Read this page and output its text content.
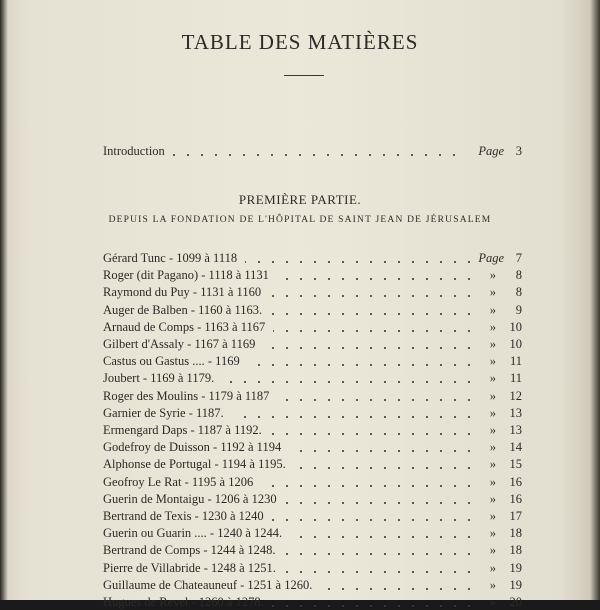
TABLE DES MATIÈRES
Introduction	Page 3
PREMIÈRE PARTIE.
DEPUIS LA FONDATION DE L'HÔPITAL DE SAINT JEAN DE JÉRUSALEM
Gérard Tunc - 1099 à 1118	Page 7
Roger (dit Pagano) - 1118 à 1131	»	8
Raymond du Puy - 1131 à 1160	»	8
Auger de Balben - 1160 à 1163.	»	9
Arnaud de Comps - 1163 à 1167	» 10
Gilbert d'Assaly - 1167 à 1169	» 10
Castus ou Gastus .... - 1169	»	11
Joubert - 1169 à 1179.	»	11
Roger des Moulins - 1179 à 1187	» 12
Garnier de Syrie - 1187.	» 13
Ermengard Daps - 1187 à 1192.	» 13
Godefroy de Duisson - 1192 à 1194	» 14
Alphonse de Portugal - 1194 à 1195.	» 15
Geofroy Le Rat - 1195 à 1206	» 16
Guerin de Montaigu - 1206 à 1230	» 16
Bertrand de Texis - 1230 à 1240	» 17
Guerin ou Guarin .... - 1240 à 1244.	» 18
Bertrand de Comps - 1244 à 1248.	» 18
Pierre de Villabride - 1248 à 1251.	» 19
Guillaume de Chateauneuf - 1251 à 1260.	» 19
Hugues de Revel - 1260 à 1278.	» 20
